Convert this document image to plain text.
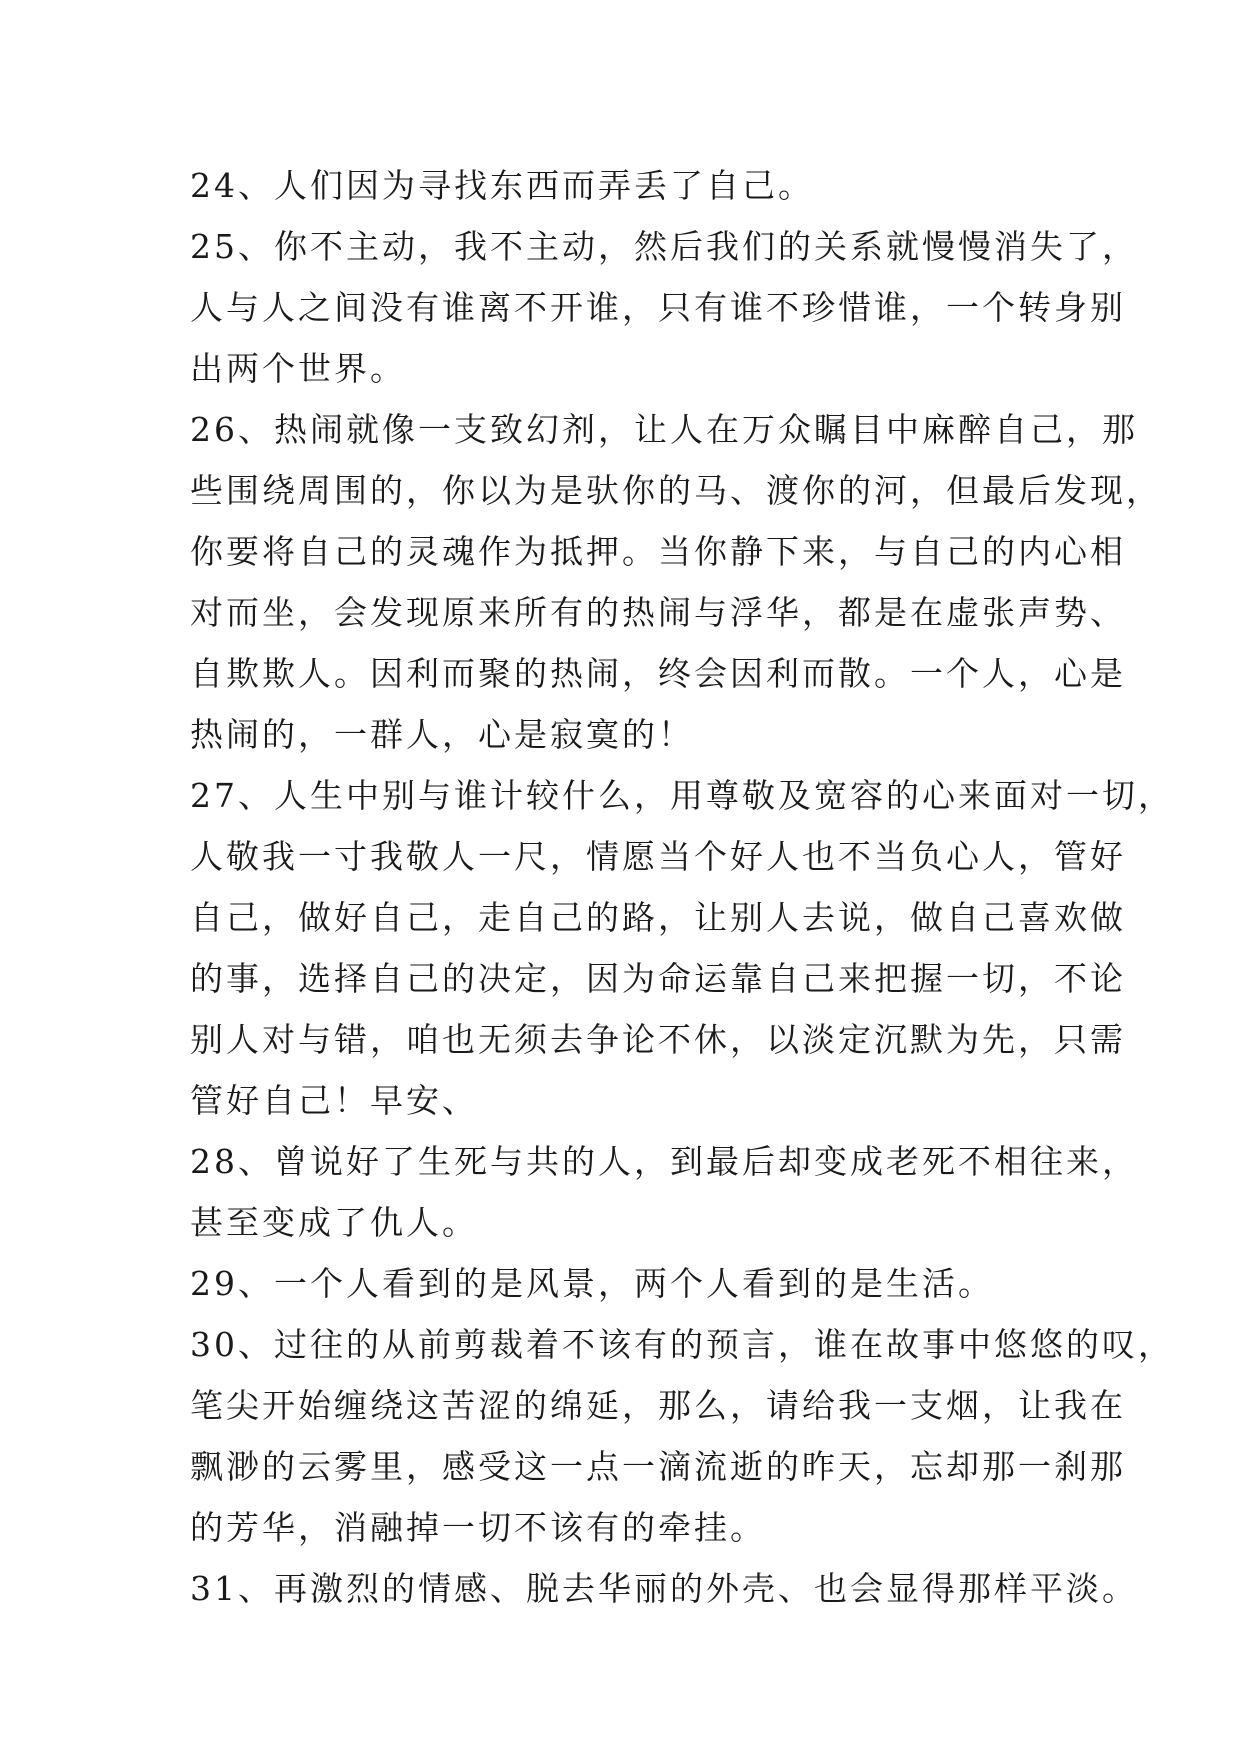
24、人们因为寻找东西而弄丢了自己。
25、你不主动，我不主动，然后我们的关系就慢慢消失了，
人与人之间没有谁离不开谁，只有谁不珍惜谁，一个转身别
出两个世界。
26、热闹就像一支致幻剂，让人在万众瞩目中麻醉自己，那
些围绕周围的，你以为是驮你的马、渡你的河，但最后发现，
你要将自己的灵魂作为抵押。当你静下来，与自己的内心相
对而坐，会发现原来所有的热闹与浮华，都是在虚张声势、
自欺欺人。因利而聚的热闹，终会因利而散。一个人，心是
热闹的，一群人，心是寂寞的！
27、人生中别与谁计较什么，用尊敬及宽容的心来面对一切，
人敬我一寸我敬人一尺，情愿当个好人也不当负心人，管好
自己，做好自己，走自己的路，让别人去说，做自己喜欢做
的事，选择自己的决定，因为命运靠自己来把握一切，不论
别人对与错，咱也无须去争论不休，以淡定沉默为先，只需
管好自己！早安、
28、曾说好了生死与共的人，到最后却变成老死不相往来，
甚至变成了仇人。
29、一个人看到的是风景，两个人看到的是生活。
30、过往的从前剪裁着不该有的预言，谁在故事中悠悠的叹，
笔尖开始缠绕这苦涩的绵延，那么，请给我一支烟，让我在
飘渺的云雾里，感受这一点一滴流逝的昨天，忘却那一刹那
的芳华，消融掉一切不该有的牵挂。
31、再激烈的情感、脱去华丽的外壳、也会显得那样平淡。
